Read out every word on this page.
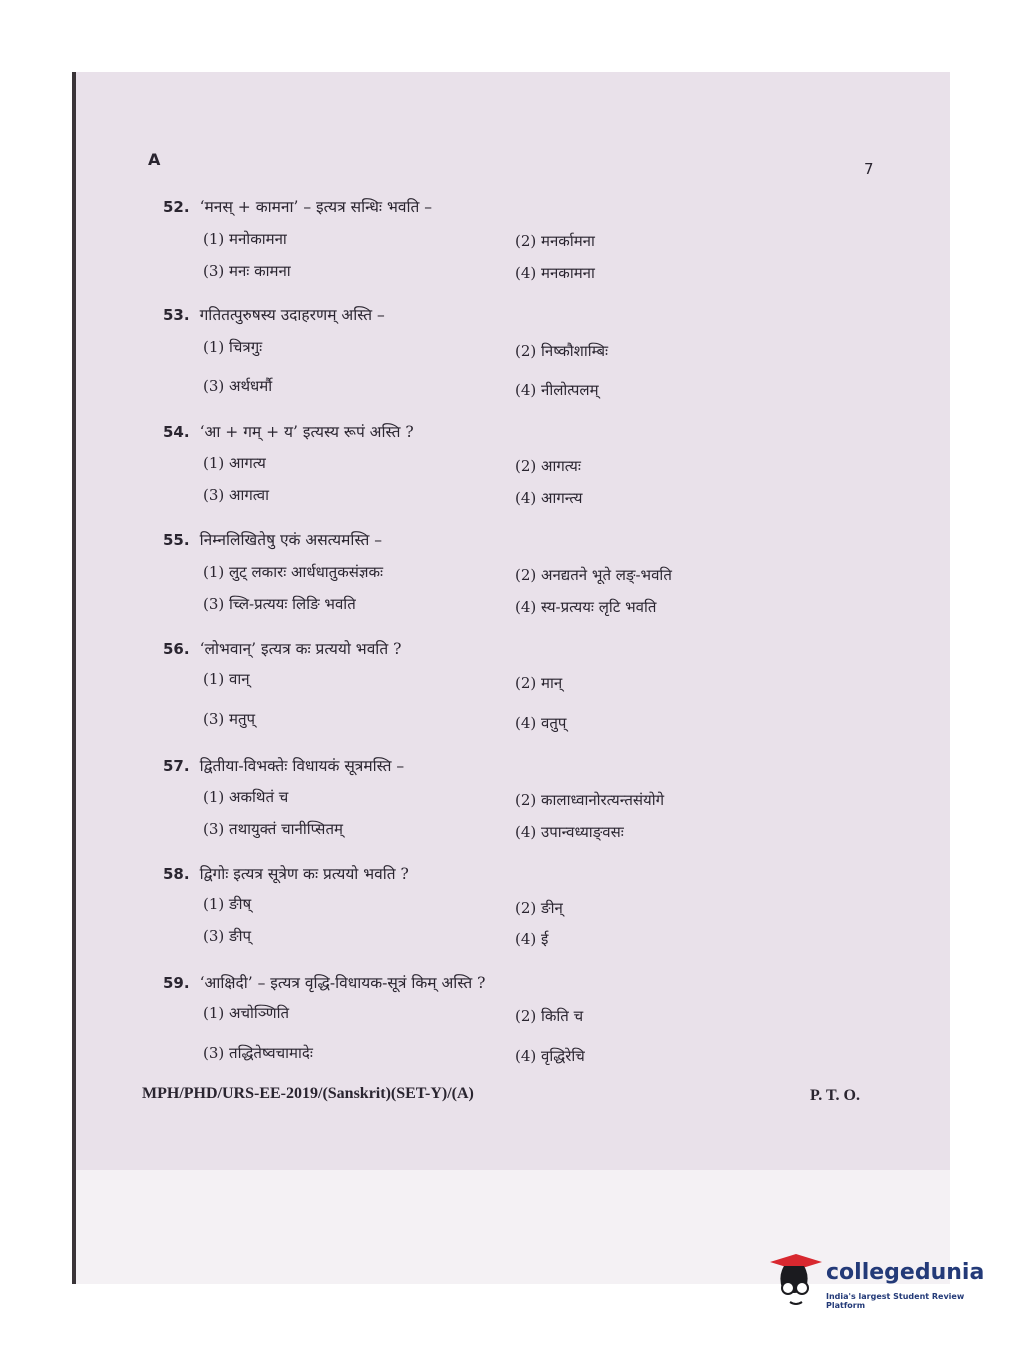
A	7
52. ‘मनस् + कामना’ – इत्यत्र सन्धिः भवति –
(1) मनोकामना	(2) मनर्कामना
(3) मनः कामना	(4) मनकामना
53. गतितत्पुरुषस्य उदाहरणम् अस्ति –
(1) चित्रगुः	(2) निष्कौशाम्बिः
(3) अर्थधर्मौ	(4) नीलोत्पलम्
54. ‘आ + गम् + य’ इत्यस्य रूपं अस्ति ?
(1) आगत्य	(2) आगत्यः
(3) आगत्वा	(4) आगन्त्य
55. निम्नलिखितेषु एकं असत्यमस्ति –
(1) लुट् लकारः आर्धधातुकसंज्ञकः	(2) अनद्यतने भूते लङ्-भवति
(3) च्लि-प्रत्ययः लिङि भवति	(4) स्य-प्रत्ययः लृटि भवति
56. ‘लोभवान्’ इत्यत्र कः प्रत्ययो भवति ?
(1) वान्	(2) मान्
(3) मतुप्	(4) वतुप्
57. द्वितीया-विभक्तेः विधायकं सूत्रमस्ति –
(1) अकथितं च	(2) कालाध्वानोरत्यन्तसंयोगे
(3) तथायुक्तं चानीप्सितम्	(4) उपान्वध्याङ्वसः
58. द्विगोः इत्यत्र सूत्रेण कः प्रत्ययो भवति ?
(1) ङीष्	(2) ङीन्
(3) ङीप्	(4) ई
59. ‘आक्षिदी’ – इत्यत्र वृद्धि-विधायक-सूत्रं किम् अस्ति ?
(1) अचोञ्णिति	(2) किति च
(3) तद्धितेष्वचामादेः	(4) वृद्धिरेचि
MPH/PHD/URS-EE-2019/(Sanskrit)(SET-Y)/(A)	P. T. O.
collegedunia
India's largest Student Review Platform
